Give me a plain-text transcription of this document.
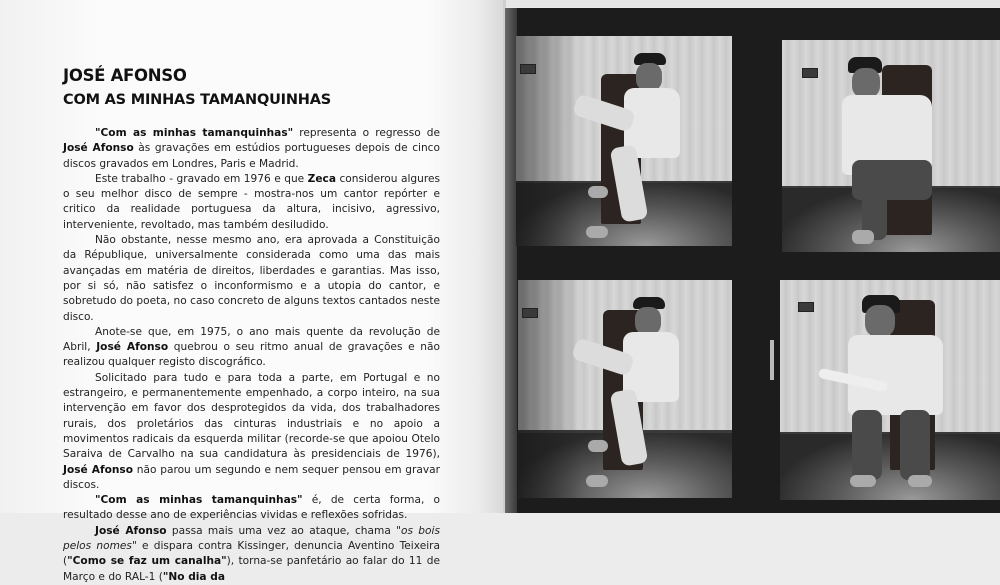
JOSÉ AFONSO
COM AS MINHAS TAMANQUINHAS

"Com as minhas tamanquinhas" representa o regresso de José Afonso às gravações em estúdios portugueses depois de cinco discos gravados em Londres, Paris e Madrid.

Este trabalho - gravado em 1976 e que Zeca considerou algures o seu melhor disco de sempre - mostra-nos um cantor repórter e critico da realidade portuguesa da altura, incisivo, agressivo, interveniente, revoltado, mas também desiludido.

Não obstante, nesse mesmo ano, era aprovada a Constituição da République, universalmente considerada como uma das mais avançadas em matéria de direitos, liberdades e garantias. Mas isso, por si só, não satisfez o inconformismo e a utopia do cantor, e sobretudo do poeta, no caso concreto de alguns textos cantados neste disco.

Anote-se que, em 1975, o ano mais quente da revolução de Abril, José Afonso quebrou o seu ritmo anual de gravações e não realizou qualquer registo discográfico.

Solicitado para tudo e para toda a parte, em Portugal e no estrangeiro, e permanentemente empenhado, a corpo inteiro, na sua intervenção em favor dos desprotegidos da vida, dos trabalhadores rurais, dos proletários das cinturas industriais e no apoio a movimentos radicais da esquerda militar (recorde-se que apoiou Otelo Saraiva de Carvalho na sua candidatura às presidenciais de 1976), José Afonso não parou um segundo e nem sequer pensou em gravar discos.

"Com as minhas tamanquinhas" é, de certa forma, o resultado desse ano de experiências vividas e reflexões sofridas.

José Afonso passa mais uma vez ao ataque, chama "os bois pelos nomes" e dispara contra Kissinger, denuncia Aventino Teixeira ("Como se faz um canalha"), torna-se panfetário ao falar do 11 de Março e do RAL-1 ("No dia da
